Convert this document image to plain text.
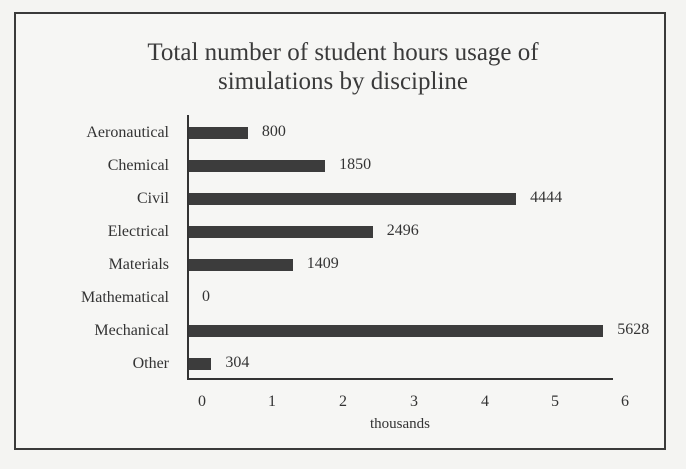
Total number of student hours usage of
simulations by discipline
thousands
Aeronautical	800
Chemical	1850
Civil	4444
Electrical	2496
Materials	1409
Mathematical 0
Mechanical	5628
Other	304
0	1	2	3	4	5	6
